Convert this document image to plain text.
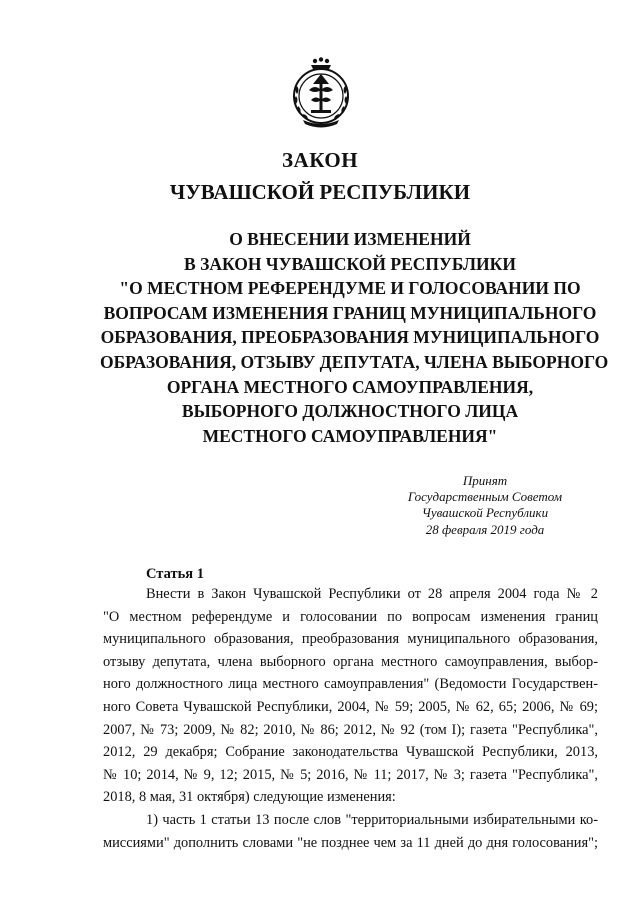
ЗАКОН
ЧУВАШСКОЙ РЕСПУБЛИКИ
О ВНЕСЕНИИ ИЗМЕНЕНИЙ
В ЗАКОН ЧУВАШСКОЙ РЕСПУБЛИКИ
"О МЕСТНОМ РЕФЕРЕНДУМЕ И ГОЛОСОВАНИИ ПО
ВОПРОСАМ ИЗМЕНЕНИЯ ГРАНИЦ МУНИЦИПАЛЬНОГО
ОБРАЗОВАНИЯ, ПРЕОБРАЗОВАНИЯ МУНИЦИПАЛЬНОГО
ОБРАЗОВАНИЯ, ОТЗЫВУ ДЕПУТАТА, ЧЛЕНА ВЫБОРНОГО
ОРГАНА МЕСТНОГО САМОУПРАВЛЕНИЯ,
ВЫБОРНОГО ДОЛЖНОСТНОГО ЛИЦА
МЕСТНОГО САМОУПРАВЛЕНИЯ"
Принят
Государственным Советом
Чувашской Республики
28 февраля 2019 года
Статья 1
Внести в Закон Чувашской Республики от 28 апреля 2004 года № 2
"О местном референдуме и голосовании по вопросам изменения границ
муниципального образования, преобразования муниципального образования,
отзыву депутата, члена выборного органа местного самоуправления, выбор-
ного должностного лица местного самоуправления" (Ведомости Государствен-
ного Совета Чувашской Республики, 2004, № 59; 2005, № 62, 65; 2006, № 69;
2007, № 73; 2009, № 82; 2010, № 86; 2012, № 92 (том I); газета "Республика",
2012, 29 декабря; Собрание законодательства Чувашской Республики, 2013,
№ 10; 2014, № 9, 12; 2015, № 5; 2016, № 11; 2017, № 3; газета "Республика",
2018, 8 мая, 31 октября) следующие изменения:
1) часть 1 статьи 13 после слов "территориальными избирательными ко-
миссиями" дополнить словами "не позднее чем за 11 дней до дня голосования";
